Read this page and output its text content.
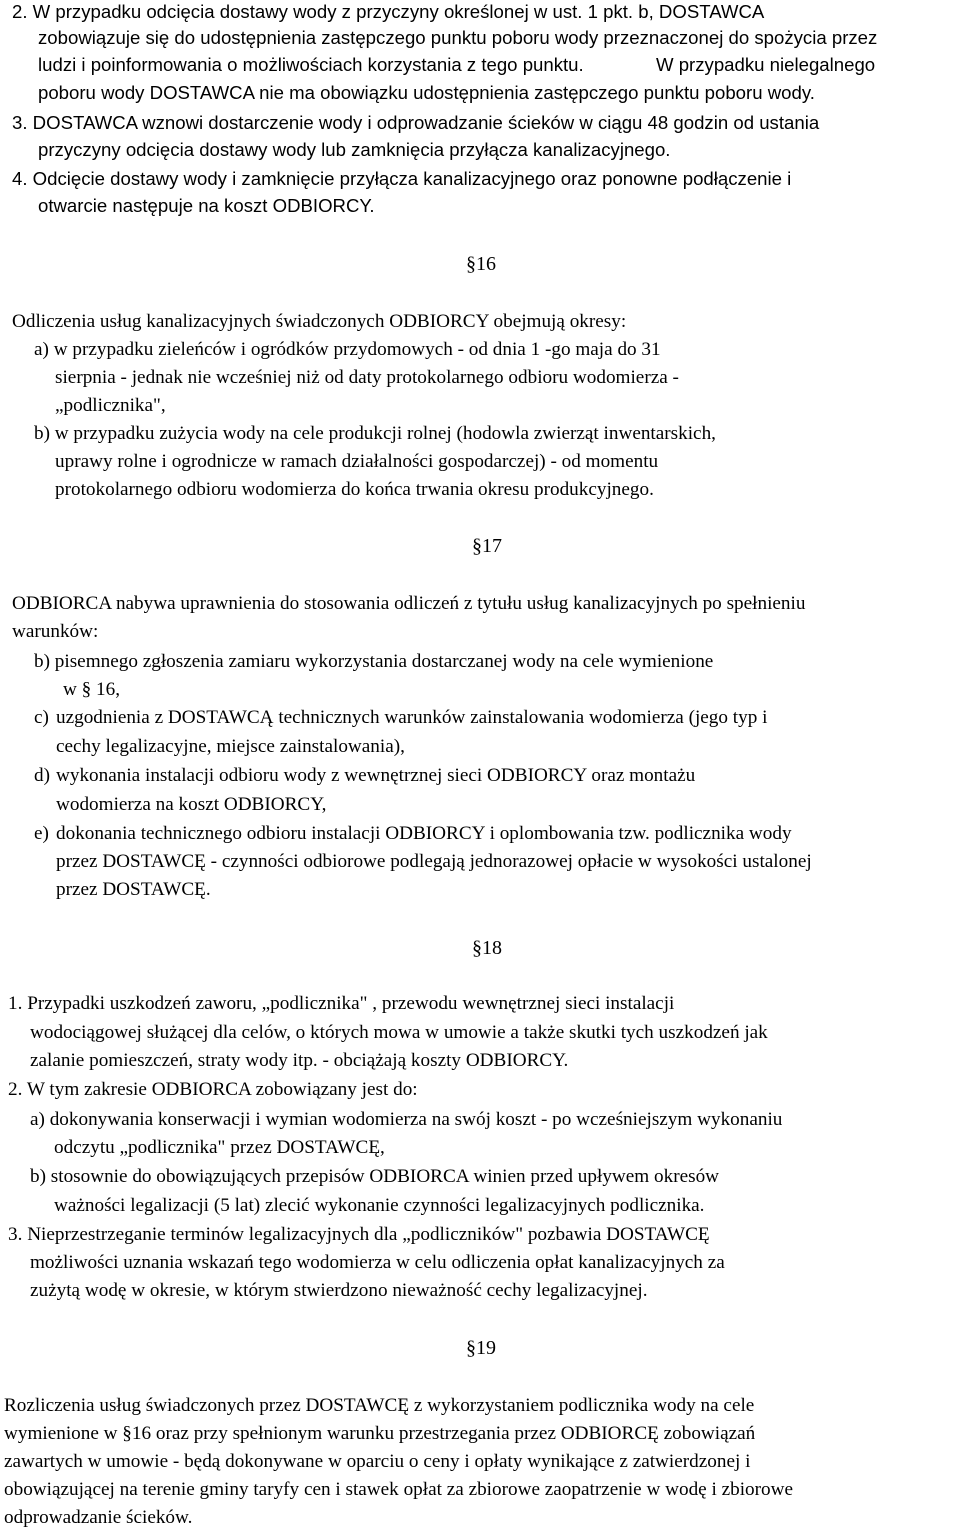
2. W przypadku odcięcia dostawy wody z przyczyny określonej w ust. 1 pkt. b, DOSTAWCA
zobowiązuje się do udostępnienia zastępczego punktu poboru wody przeznaczonej do spożycia przez
ludzi i poinformowania o możliwościach korzystania z tego punktu.	W przypadku nielegalnego
poboru wody DOSTAWCA nie ma obowiązku udostępnienia zastępczego punktu poboru wody.
3. DOSTAWCA wznowi dostarczenie wody i odprowadzanie ścieków w ciągu 48 godzin od ustania
przyczyny odcięcia dostawy wody lub zamknięcia przyłącza kanalizacyjnego.
4. Odcięcie dostawy wody i zamknięcie przyłącza kanalizacyjnego oraz ponowne podłączenie i
otwarcie następuje na koszt ODBIORCY.
§16
Odliczenia usług kanalizacyjnych świadczonych ODBIORCY obejmują okresy:
a) w przypadku zieleńców i ogródków przydomowych - od dnia 1 -go maja do 31
sierpnia - jednak nie wcześniej niż od daty protokolarnego odbioru wodomierza -
„podlicznika",
b) w przypadku zużycia wody na cele produkcji rolnej (hodowla zwierząt inwentarskich,
uprawy rolne i ogrodnicze w ramach działalności gospodarczej) - od momentu
protokolarnego odbioru wodomierza do końca trwania okresu produkcyjnego.
§17
ODBIORCA nabywa uprawnienia do stosowania odliczeń z tytułu usług kanalizacyjnych po spełnieniu
warunków:
b) pisemnego zgłoszenia zamiaru wykorzystania dostarczanej wody na cele wymienione
w § 16,
c) uzgodnienia z DOSTAWCĄ technicznych warunków zainstalowania wodomierza (jego typ i
cechy legalizacyjne, miejsce zainstalowania),
d) wykonania instalacji odbioru wody z wewnętrznej sieci ODBIORCY oraz montażu
wodomierza na koszt ODBIORCY,
e) dokonania technicznego odbioru instalacji ODBIORCY i oplombowania tzw. podlicznika wody
przez DOSTAWCĘ - czynności odbiorowe podlegają jednorazowej opłacie w wysokości ustalonej
przez DOSTAWCĘ.
§18
1. Przypadki uszkodzeń zaworu, „podlicznika" , przewodu wewnętrznej sieci instalacji
wodociągowej służącej dla celów, o których mowa w umowie a także skutki tych uszkodzeń jak
zalanie pomieszczeń, straty wody itp. - obciążają koszty ODBIORCY.
2. W tym zakresie ODBIORCA zobowiązany jest do:
a) dokonywania konserwacji i wymian wodomierza na swój koszt - po wcześniejszym wykonaniu
odczytu „podlicznika" przez DOSTAWCĘ,
b) stosownie do obowiązujących przepisów ODBIORCA winien przed upływem okresów
ważności legalizacji (5 lat) zlecić wykonanie czynności legalizacyjnych podlicznika.
3. Nieprzestrzeganie terminów legalizacyjnych dla „podliczników" pozbawia DOSTAWCĘ
możliwości uznania wskazań tego wodomierza w celu odliczenia opłat kanalizacyjnych za
zużytą wodę w okresie, w którym stwierdzono nieważność cechy legalizacyjnej.
§19
Rozliczenia usług świadczonych przez DOSTAWCĘ z wykorzystaniem podlicznika wody na cele
wymienione w §16 oraz przy spełnionym warunku przestrzegania przez ODBIORCĘ zobowiązań
zawartych w umowie - będą dokonywane w oparciu o ceny i opłaty wynikające z zatwierdzonej i
obowiązującej na terenie gminy taryfy cen i stawek opłat za zbiorowe zaopatrzenie w wodę i zbiorowe
odprowadzanie ścieków.
